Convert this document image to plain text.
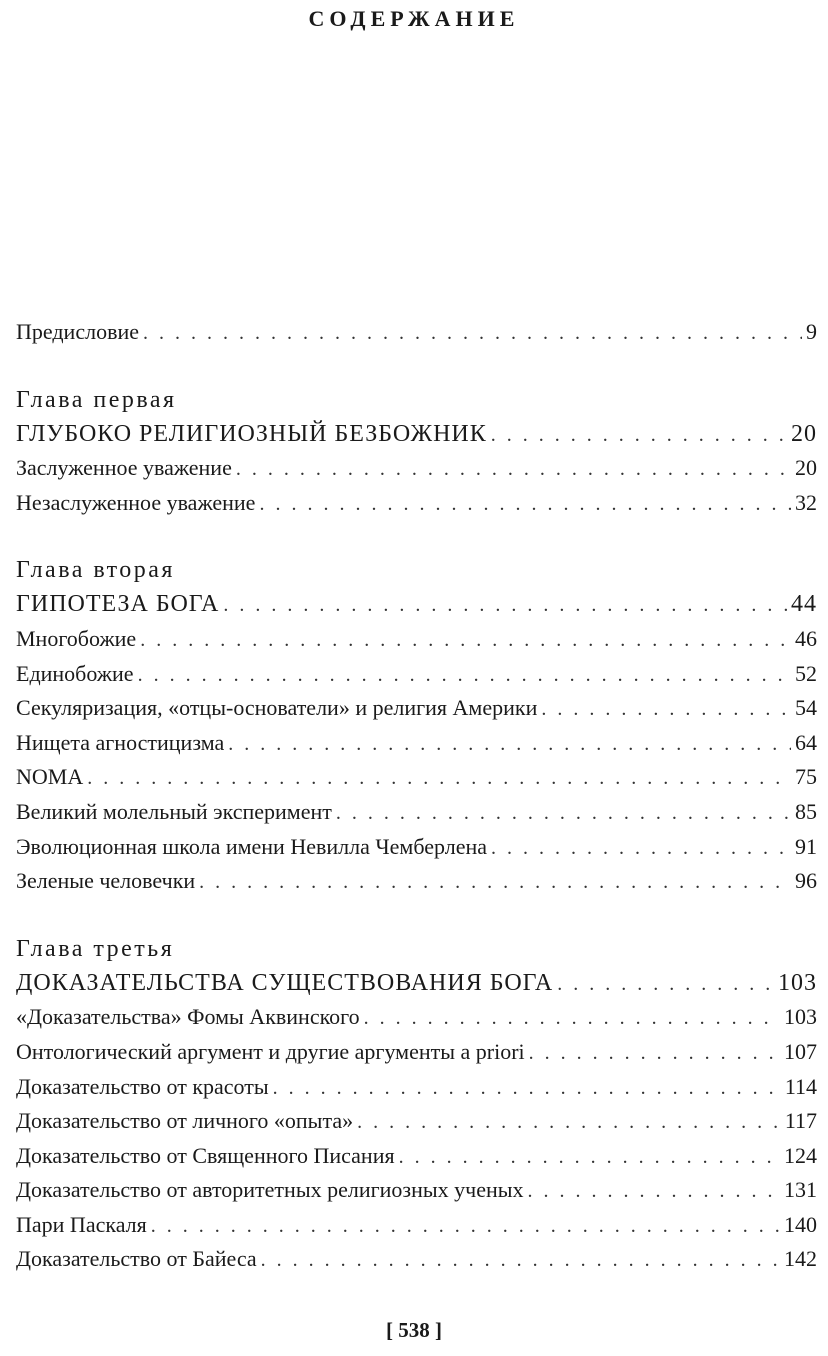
СОДЕРЖАНИЕ
Предисловие . . .	9
Глава первая
ГЛУБОКО РЕЛИГИОЗНЫЙ БЕЗБОЖНИК . . .	20
Заслуженное уважение . . .	20
Незаслуженное уважение . . .	32
Глава вторая
ГИПОТЕЗА БОГА . . .	44
Многобожие . . .	46
Единобожие . . .	52
Секуляризация, «отцы-основатели» и религия Америки . . .	54
Нищета агностицизма . . .	64
NOMA . . .	75
Великий молельный эксперимент . . .	85
Эволюционная школа имени Невилла Чемберлена . . .	91
Зеленые человечки . . .	96
Глава третья
ДОКАЗАТЕЛЬСТВА СУЩЕСТВОВАНИЯ БОГА . . .	103
«Доказательства» Фомы Аквинского . . .	103
Онтологический аргумент и другие аргументы a priori . . .	107
Доказательство от красоты . . .	114
Доказательство от личного «опыта» . . .	117
Доказательство от Священного Писания . . .	124
Доказательство от авторитетных религиозных ученых . . .	131
Пари Паскаля . . .	140
Доказательство от Байеса . . .	142
[ 538 ]
